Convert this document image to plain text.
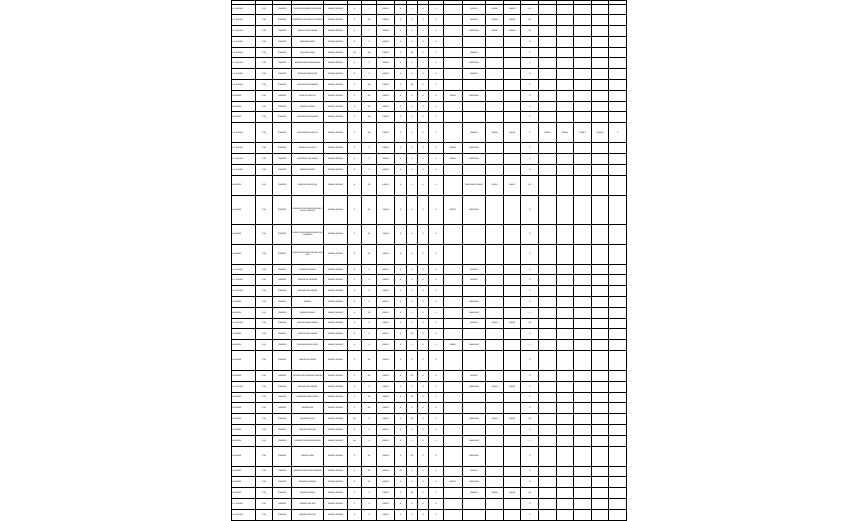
a .b 1a0.000	100	1000001	1000-000 0000000 00000000	000000 000000	0	1	00000	0	0	0	0		000000	00000	00000	00					
a .b 1a0.000	100	1000001	00000000 000 00000 0 000000	000000 000000	0	00	00000	0	0	0	0		000000	00000	00000	00					
a .b 1a0.000	100	1000001	00000 00000 00000	000000 000000	0	1	00000	0	0	0	0		00000000	00000	00000	00					
a .b 1a0.000	100	1000001	00000000 0000	000000 000000	0	0	00000	0	0	0	0					0					
a .b 1a0.000	100	1000001	000 0000 0000	000000 000000	00	00	00000	0	00	0	0		000000			0					
a .b 1a0.000	100	1000001	000000 0000 0000000000	000000 000000	0	0	00000	0	0	0	0		00000000			0					
a .b 1a0.000	100	1000001	0000000 00000 000	000000 000000	0	0	00000	0	0	0	0		000000			0					
a .b 1a0.000	100	1000001	0000000 000 000000	000000 000000	0	00	00000	0	00	0	0					0					
a 0000000	100	1000001	0000 00 0000 00	000000 000000	0	00	00000	0	0	0	0	00000	00000000			0					
a 0000000	100	1000001	0000000 00000	000000 000000	0	00	00000	0	0	0	0					0					
a 0000000	100	1000001	00000000 000000000	000000 000000	0	00	00000	0	0	0	0					0					
a .b 1a0.000	100	1000001	0000000000 0000 00	000000 000000	0	00	00000	0	0	0	0		000000	00000	00000	0	00000	00000	00000	00000	0
a .b 1a0.000	100	1000001	000000 000 000 0	000000 000000	0	0	00000	0	0	0	0	00000	00000000			0					
a .b 1a0.000	100	1000001	00000000 000 00000	000000 000000	0	0	00000	0	0	0	0	00000	00000000			0					
a .b 1a0.000	100	1000001	000000 000000	000000 000000	0	0	00000	0	0	0	0					0					
a 0000000	100	1000001	0000000 00000 000	000000 000000	0	00	00000	0	0	0	0		00000000 000000	00000	00000	00					
a 0000000	100	1000001	0000000 000 00000 0000000 0000 00 000000	000000 000000	0	00	00000	0	0	0	0	00000	00000000			0					
a 0000000	100	1000001	000000 000 000000 000000 0000000000	000000 000000	0	00	00000	0	0	0	0					0					
a 0000000	100	1000001	000000 000 00000 000000 000000	000000 000000	0	00	00000	0	0	0	0					0					
a .b 1a0.000	100	1000001	0000000 000000	000000 000000	0	0	00000	0	0	0	0		000000			0					
a .b 1a0.000	100	1000001	000000 00 0000000	000000 000000	0	0	00000	0	0	0	0		000000			0					
a .b 1a0.000	100	1000001	0000000 000 00000	000000 000000	0	0	00000	0	0	0	0					0					
a 0000000	100	1000001	000000	000000 000000	0	0	00000	0	0	0	0		00000000			0					
a 0000000	100	1000001	0000000 00000	000000 000000	0	00	00000	0	0	0	0		00000000			0					
a .b 1a0.000	100	1000001	000000 0000 000000	000000 000000	0	0	00000	0	0	0	0		000000	00000	00000	00					
a 0000000	100	1000001	000000 0000 00000	000000 000000	0	0	00000	0	00	0	0					0					
a 0000000	100	1000001	0000000 00000 0000	000000 000000	0	0	00000	0	0	0	0	00000	00000000			0					
a 0000000	100	1000001	000000 00 00000	000000 000000	0	00	00000	0	0	0	0					0					
a 0000000	100	1000001	0000000 000 0000000 000000	000000 000000	0	00	00000	0	00	0	0		000000			0					
a .b 1a0.000	100	1000001	000000 0000 00000	000000 000000	0	0	00000	0	0	0	0		00000000	00000	00000	0					
a 0000000	100	1000001	0000000 00000 00000	000000 000000	0	00	00000	0	00	0	0					0					
a 0000000	100	1000001	000000 000	000000 000000	0	00	00000	0	0	0	0					0					
a 0000000	100	1000001	0000000 00 00	000000 000000	00	0	00000	0	00	0	0		00000000	00000	00000	00					
a 0000000	100	1000001	0000000 000 000	000000 000000	0	0	00000	0	0	0	0					0					
a 0000000	100	1000001	0000000 000 0000000 000	000000 000000	00	0	00000	0	0	0	0		00000000			0					
a 0000000	100	1000001	000000 0000	000000 000000	0	00	00000	0	00	0	0		00000000			0					
a 0000000	100	1000001	0000000 00000 000 0000000	000000 000000	0	00	00000	00	0	0	0		000000			0					
a 0000000	100	1000001	00000000 000000	000000 000000	0	00	00000	0	0	0	0	00000	00000000			0					
a 0000000	100	1000001	0000000 00000	000000 000000	0	0	00000	0	00	0	0		000000	00000	00000	00					
a .b 1a0.000	100	1000001	000000 000 000	000000 000000	0	0	00000	0	0	0	0					0					
a .b 1a0.000	100	1000001	0000000 000 000	000000 000000	0	0	00000	0	0	0	0					0					
